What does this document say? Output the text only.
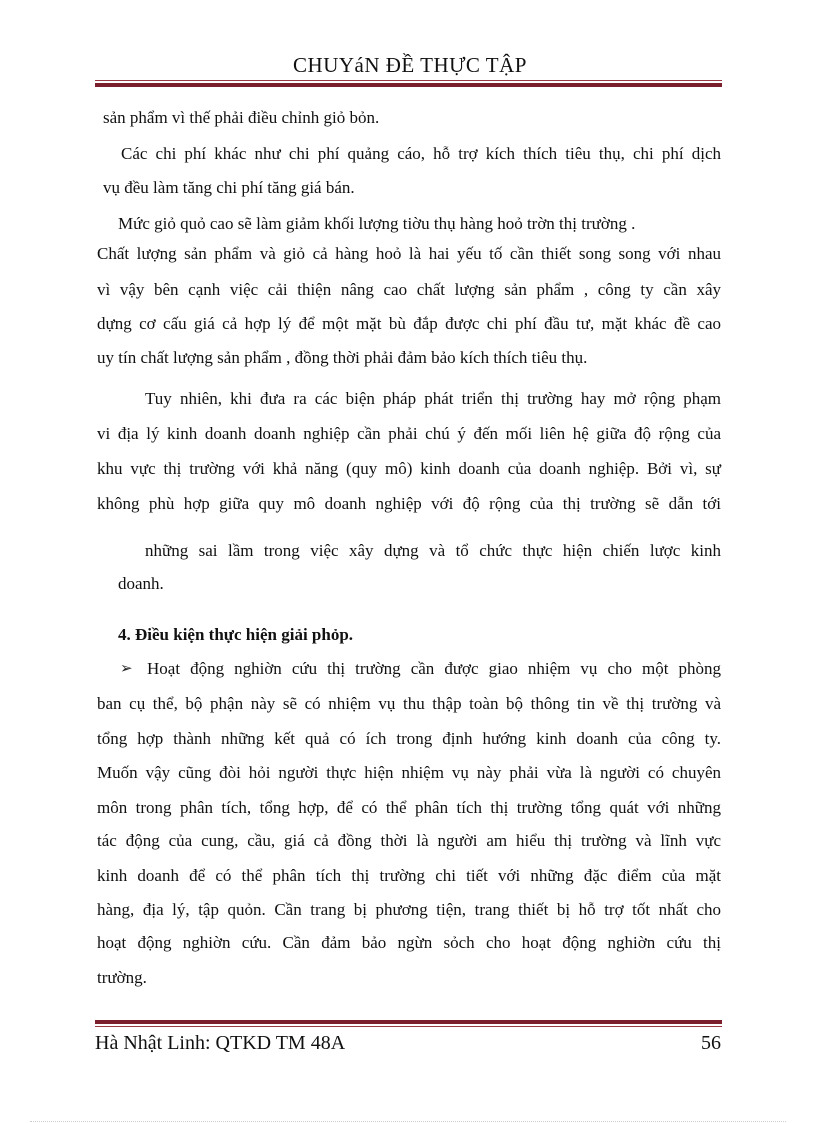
CHUYáN ĐỀ THỰC TẬP
sản phẩm vì thế phải điều chỉnh giỏ bỏn.
Các chi phí khác như chi phí quảng cáo, hỗ trợ kích thích tiêu thụ, chi phí dịch
vụ đều làm tăng chi phí tăng giá bán.
Mức giỏ quỏ cao sẽ làm giảm khối lượng tiờu thụ hàng hoỏ trờn thị trường .
Chất lượng sản phẩm và giỏ cả hàng hoỏ là hai yếu tố cần thiết song song với nhau
vì vậy bên cạnh việc cải thiện nâng cao chất lượng sản phẩm , công ty cần xây
dựng cơ cấu giá cả hợp lý để một mặt bù đắp được chi phí đầu tư, mặt khác đề cao
uy tín chất lượng sản phẩm , đồng thời phải đảm bảo kích thích tiêu thụ.
Tuy nhiên, khi đưa ra các biện pháp phát triển thị trường hay mở rộng phạm
vi địa lý kinh doanh doanh nghiệp cần phải chú ý đến mối liên hệ giữa độ rộng của
khu vực thị trường với khả năng (quy mô) kinh doanh của doanh nghiệp. Bởi vì, sự
không phù hợp giữa quy mô doanh nghiệp với độ rộng của thị trường sẽ dẫn tới
những sai lầm trong việc xây dựng và tổ chức thực hiện chiến lược kinh
doanh.
4. Điều kiện thực hiện giải phỏp.
➢ Hoạt động nghiờn cứu thị trường cần được giao nhiệm vụ cho một phòng
ban cụ thể, bộ phận này sẽ có nhiệm vụ thu thập toàn bộ thông tin về thị trường và
tổng hợp thành những kết quả có ích trong định hướng kinh doanh của công ty.
Muốn vậy cũng đòi hỏi người thực hiện nhiệm vụ này phải vừa là người có chuyên
môn trong phân tích, tổng hợp, để có thể phân tích thị trường tổng quát với những
tác động của cung, cầu, giá cả đồng thời là người am hiểu thị trường và lĩnh vực
kinh doanh để có thể phân tích thị trường chi tiết với những đặc điểm của mặt
hàng, địa lý, tập quỏn. Cần trang bị phương tiện, trang thiết bị hỗ trợ tốt nhất cho
hoạt động nghiờn cứu. Cần đảm bảo ngừn sỏch cho hoạt động nghiờn cứu thị
trường.
Hà Nhật Linh: QTKD TM 48A	56
